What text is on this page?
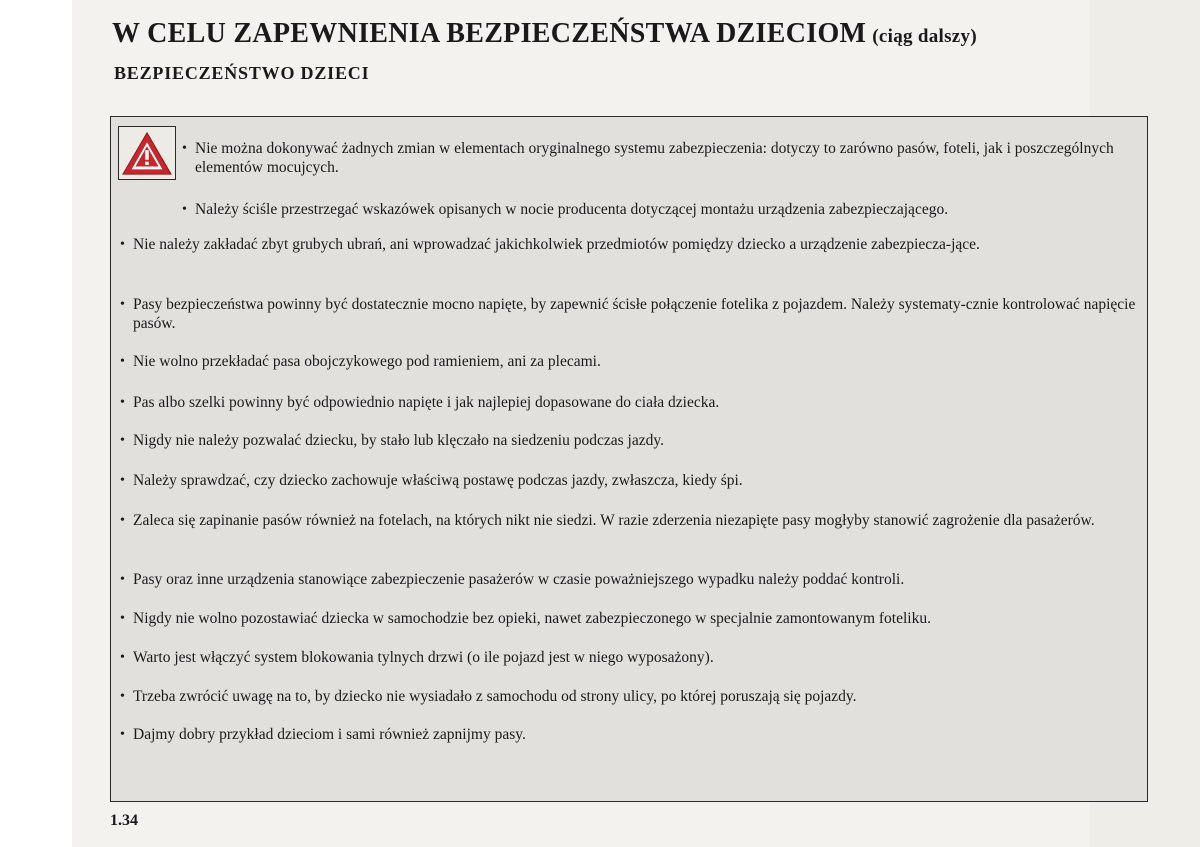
W CELU ZAPEWNIENIA BEZPIECZEŃSTWA DZIECIOM (ciąg dalszy)
BEZPIECZEŃSTWO DZIECI
• Nie można dokonywać żadnych zmian w elementach oryginalnego systemu zabezpieczenia: dotyczy to zarówno pasów, foteli, jak i poszczególnych elementów mocujcych.
• Należy ściśle przestrzegać wskazówek opisanych w nocie producenta dotyczącej montażu urządzenia zabezpieczającego.
• Nie należy zakładać zbyt grubych ubrań, ani wprowadzać jakichkolwiek przedmiotów pomiędzy dziecko a urządzenie zabezpiecza-jące.
• Pasy bezpieczeństwa powinny być dostatecznie mocno napięte, by zapewnić ścisłe połączenie fotelika z pojazdem. Należy systematy-cznie kontrolować napięcie pasów.
• Nie wolno przekładać pasa obojczykowego pod ramieniem, ani za plecami.
• Pas albo szelki powinny być odpowiednio napięte i jak najlepiej dopasowane do ciała dziecka.
• Nigdy nie należy pozwalać dziecku, by stało lub klęczało na siedzeniu podczas jazdy.
• Należy sprawdzać, czy dziecko zachowuje właściwą postawę podczas jazdy, zwłaszcza, kiedy śpi.
• Zaleca się zapinanie pasów również na fotelach, na których nikt nie siedzi. W razie zderzenia niezapięte pasy mogłyby stanowić zagrożenie dla pasażerów.
• Pasy oraz inne urządzenia stanowiące zabezpieczenie pasażerów w czasie poważniejszego wypadku należy poddać kontroli.
• Nigdy nie wolno pozostawiać dziecka w samochodzie bez opieki, nawet zabezpieczonego w specjalnie zamontowanym foteliku.
• Warto jest włączyć system blokowania tylnych drzwi (o ile pojazd jest w niego wyposażony).
• Trzeba zwrócić uwagę na to, by dziecko nie wysiadało z samochodu od strony ulicy, po której poruszają się pojazdy.
• Dajmy dobry przykład dzieciom i sami również zapnijmy pasy.
1.34
